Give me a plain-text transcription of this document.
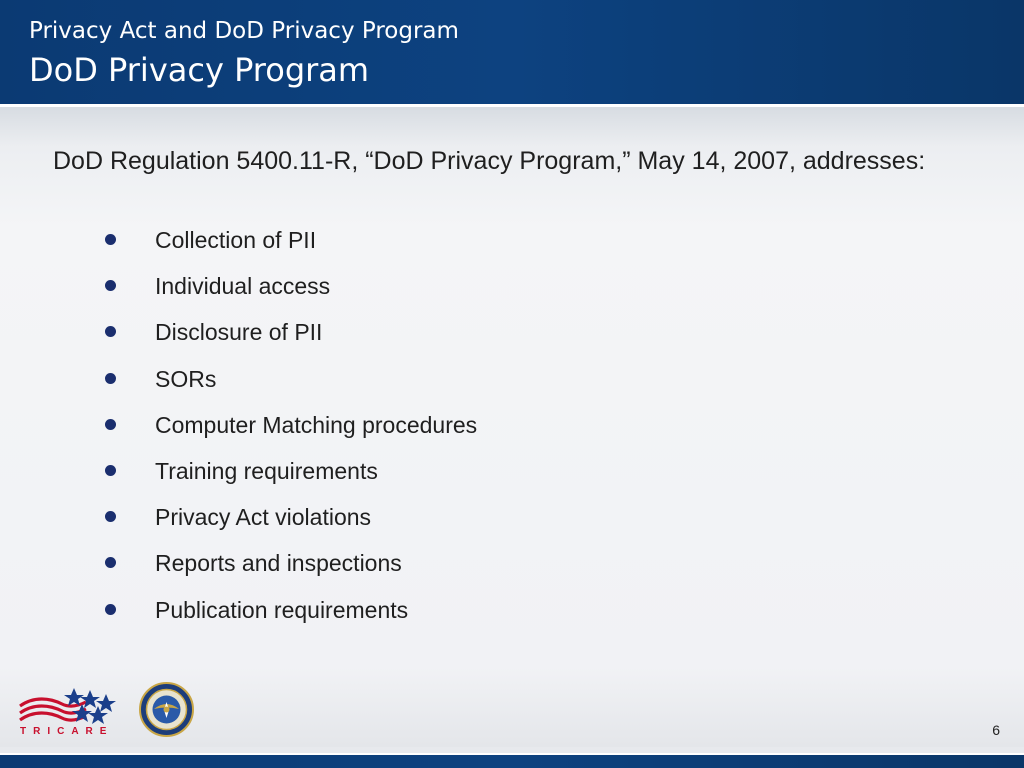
Privacy Act and DoD Privacy Program
DoD Privacy Program
DoD Regulation 5400.11-R, “DoD Privacy Program,” May 14, 2007, addresses:
Collection of PII
Individual access
Disclosure of PII
SORs
Computer Matching procedures
Training requirements
Privacy Act violations
Reports and inspections
Publication requirements
TRICARE	6
